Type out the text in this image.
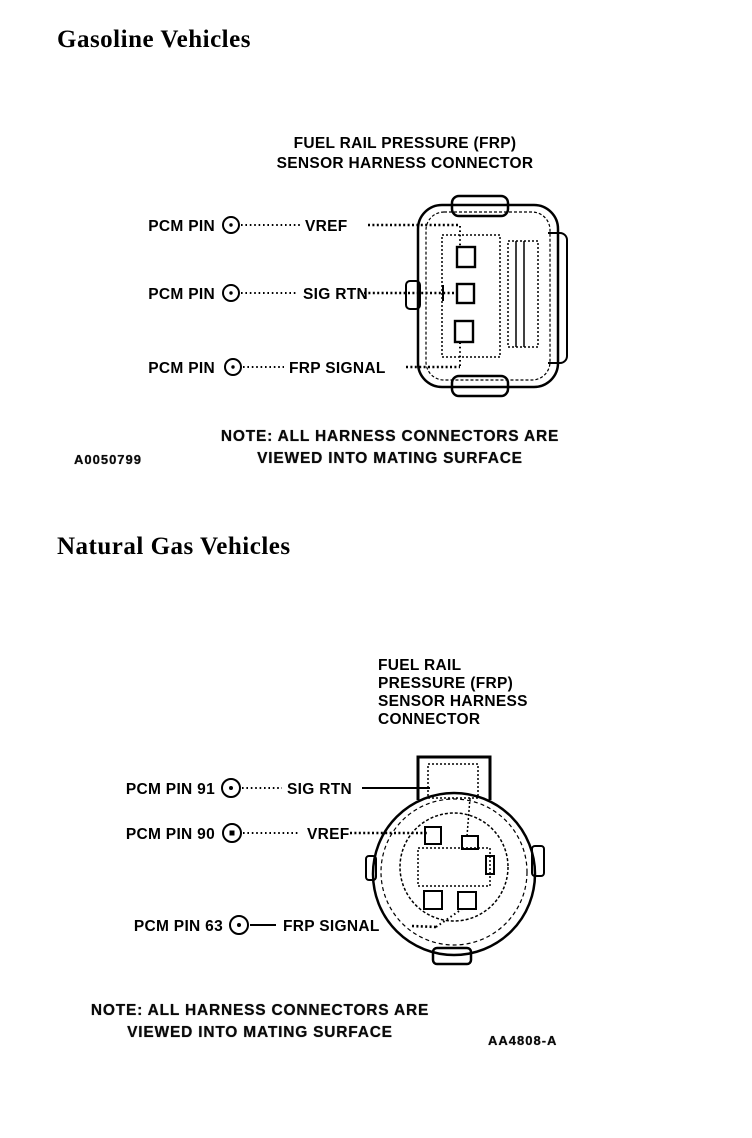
Gasoline Vehicles
FUEL RAIL PRESSURE (FRP)
SENSOR HARNESS CONNECTOR
PCM PIN	VREF
PCM PIN	SIG RTN
PCM PIN	FRP SIGNAL
NOTE: ALL HARNESS CONNECTORS ARE
VIEWED INTO MATING SURFACE
A0050799
Natural Gas Vehicles
FUEL RAIL
PRESSURE (FRP)
SENSOR HARNESS
CONNECTOR
PCM PIN 91	SIG RTN
PCM PIN 90	VREF
PCM PIN 63	FRP SIGNAL
NOTE: ALL HARNESS CONNECTORS ARE
VIEWED INTO MATING SURFACE	AA4808-A
